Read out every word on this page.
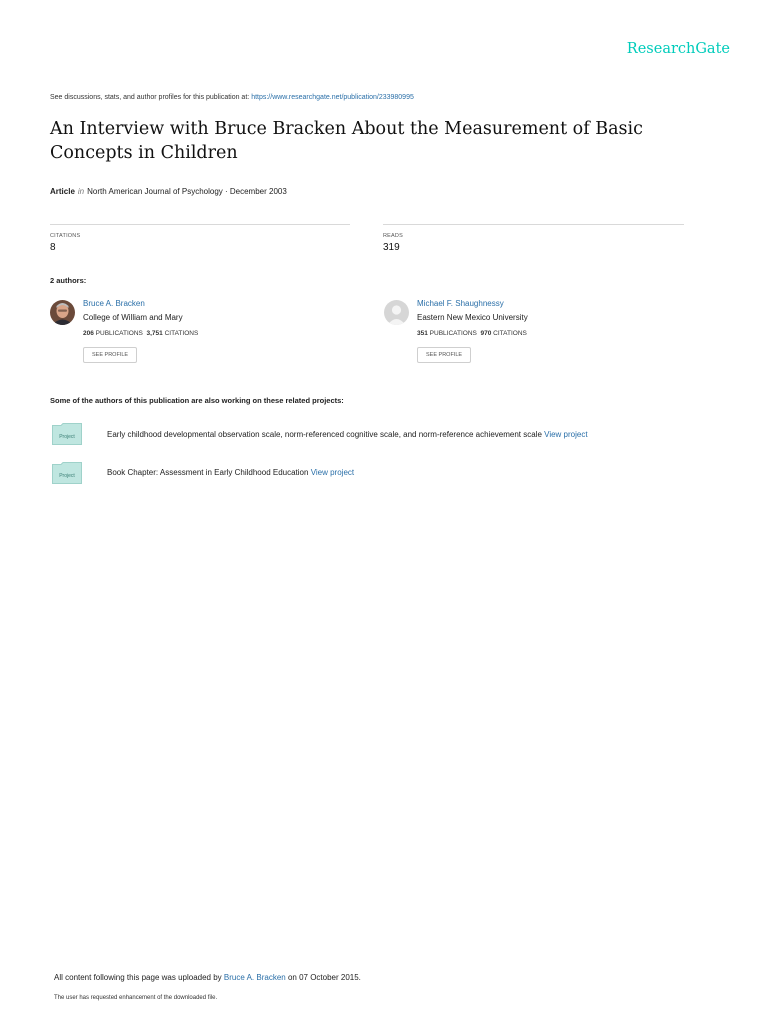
ResearchGate
See discussions, stats, and author profiles for this publication at: https://www.researchgate.net/publication/233980995
An Interview with Bruce Bracken About the Measurement of Basic Concepts in Children
Article in North American Journal of Psychology · December 2003
CITATIONS
8
READS
319
2 authors:
Bruce A. Bracken
College of William and Mary
206 PUBLICATIONS 3,751 CITATIONS
SEE PROFILE
Michael F. Shaughnessy
Eastern New Mexico University
351 PUBLICATIONS 970 CITATIONS
SEE PROFILE
Some of the authors of this publication are also working on these related projects:
Project	Early childhood developmental observation scale, norm-referenced cognitive scale, and norm-reference achievement scale View project
Project	Book Chapter: Assessment in Early Childhood Education View project
All content following this page was uploaded by Bruce A. Bracken on 07 October 2015.
The user has requested enhancement of the downloaded file.
